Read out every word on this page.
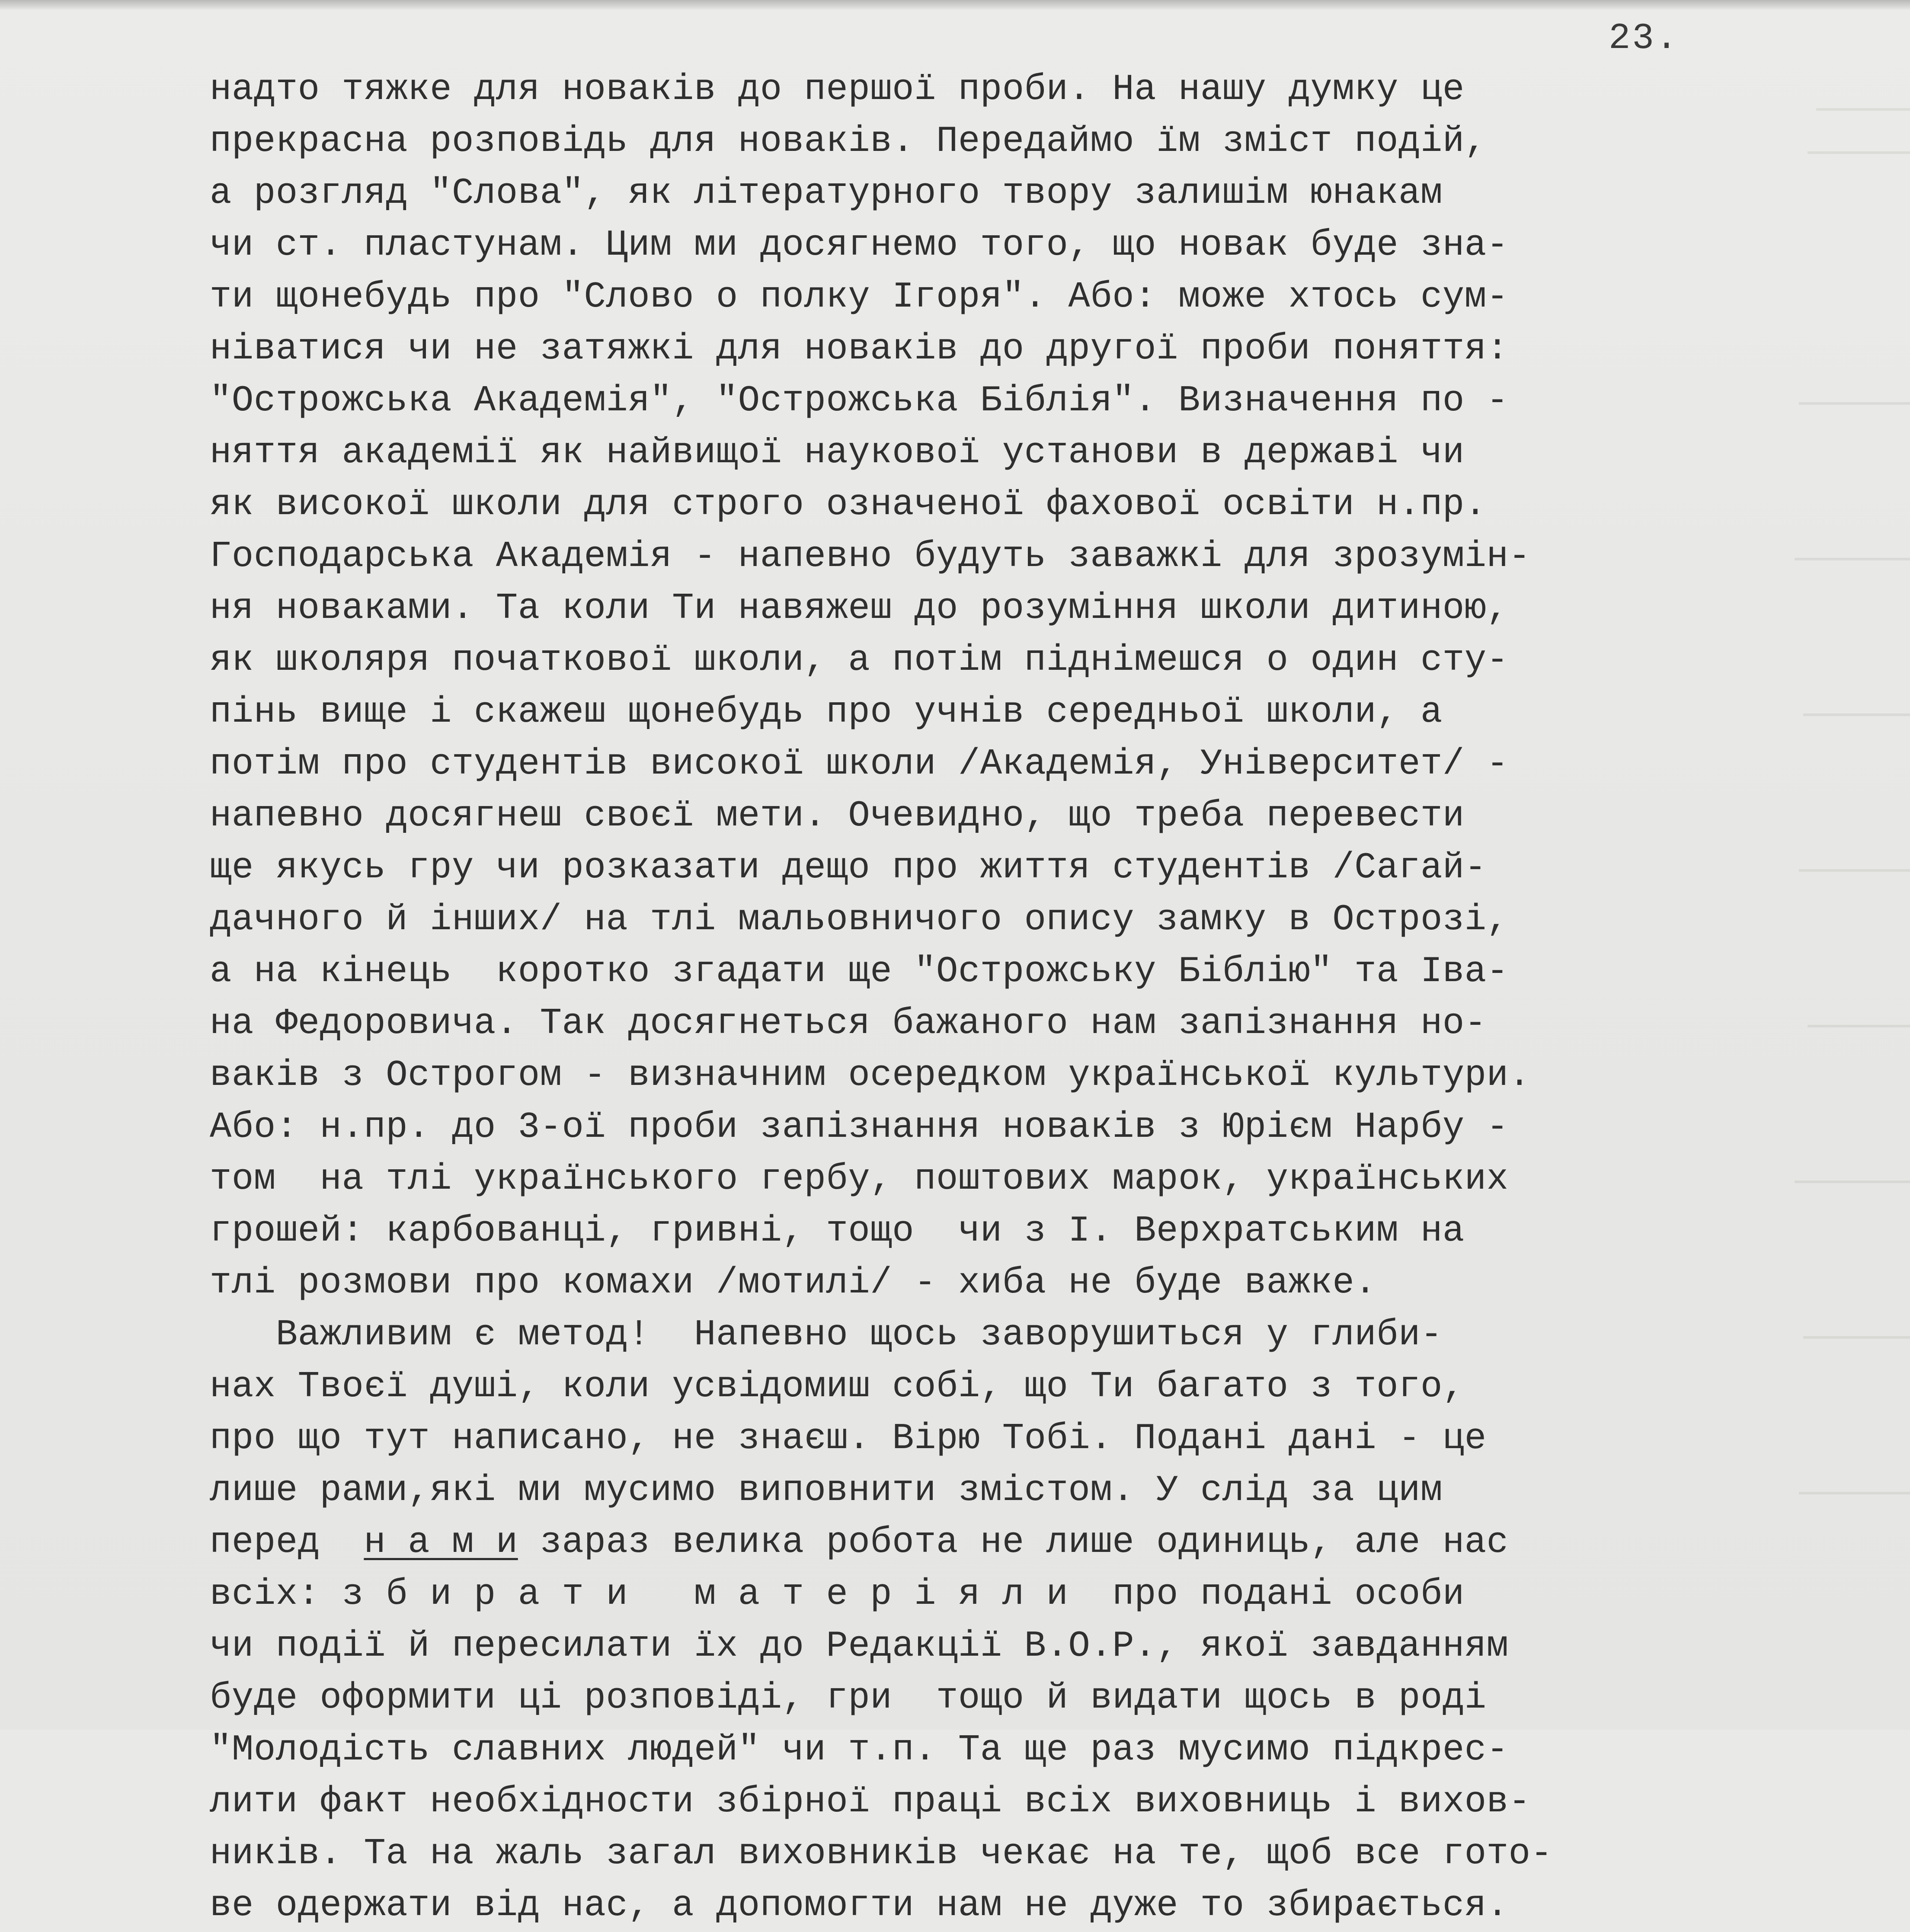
23.
надто тяжке для новаків до першої проби. На нашу думку це
прекрасна розповідь для новаків. Передаймо їм зміст подій,
а розгляд "Слова", як літературного твору залишім юнакам
чи ст. пластунам. Цим ми досягнемо того, що новак буде зна-
ти щонебудь про "Слово о полку Ігоря". Або: може хтось сум-
ніватися чи не затяжкі для новаків до другої проби поняття:
"Острожська Академія", "Острожська Біблія". Визначення по -
няття академії як найвищої наукової установи в державі чи
як високої школи для строго означеної фахової освіти н.пр.
Господарська Академія - напевно будуть заважкі для зрозумін-
ня новаками. Та коли Ти навяжеш до розуміння школи дитиною,
як школяря початкової школи, а потім піднімешся о один сту-
пінь вище і скажеш щонебудь про учнів середньої школи, а
потім про студентів високої школи /Академія, Університет/ -
напевно досягнеш своєї мети. Очевидно, що треба перевести
ще якусь гру чи розказати дещо про життя студентів /Сагай-
дачного й інших/ на тлі мальовничого опису замку в Острозі,
а на кінець  коротко згадати ще "Острожську Біблію" та Іва-
на Федоровича. Так досягнеться бажаного нам запізнання но-
ваків з Острогом - визначним осередком української культури.
Або: н.пр. до 3-ої проби запізнання новаків з Юрієм Нарбу -
том  на тлі українського гербу, поштових марок, українських
грошей: карбованці, гривні, тощо  чи з І. Верхратським на
тлі розмови про комахи /мотилі/ - хиба не буде важке.
Важливим є метод!  Напевно щось заворушиться у глиби-
нах Твоєї душі, коли усвідомиш собі, що Ти багато з того,
про що тут написано, не знаєш. Вірю Тобі. Подані дані - це
лише рами,які ми мусимо виповнити змістом. У слід за цим
перед  н а м и зараз велика робота не лише одиниць, але нас
всіх: з б и р а т и   м а т е р і я л и  про подані особи
чи події й пересилати їх до Редакції В.О.Р., якої завданням
буде оформити ці розповіді, гри  тощо й видати щось в роді
"Молодість славних людей" чи т.п. Та ще раз мусимо підкрес-
лити факт необхідности збірної праці всіх виховниць і вихов-
ників. Та на жаль загал виховників чекає на те, щоб все гото-
ве одержати від нас, а допомогти нам не дуже то збирається.
